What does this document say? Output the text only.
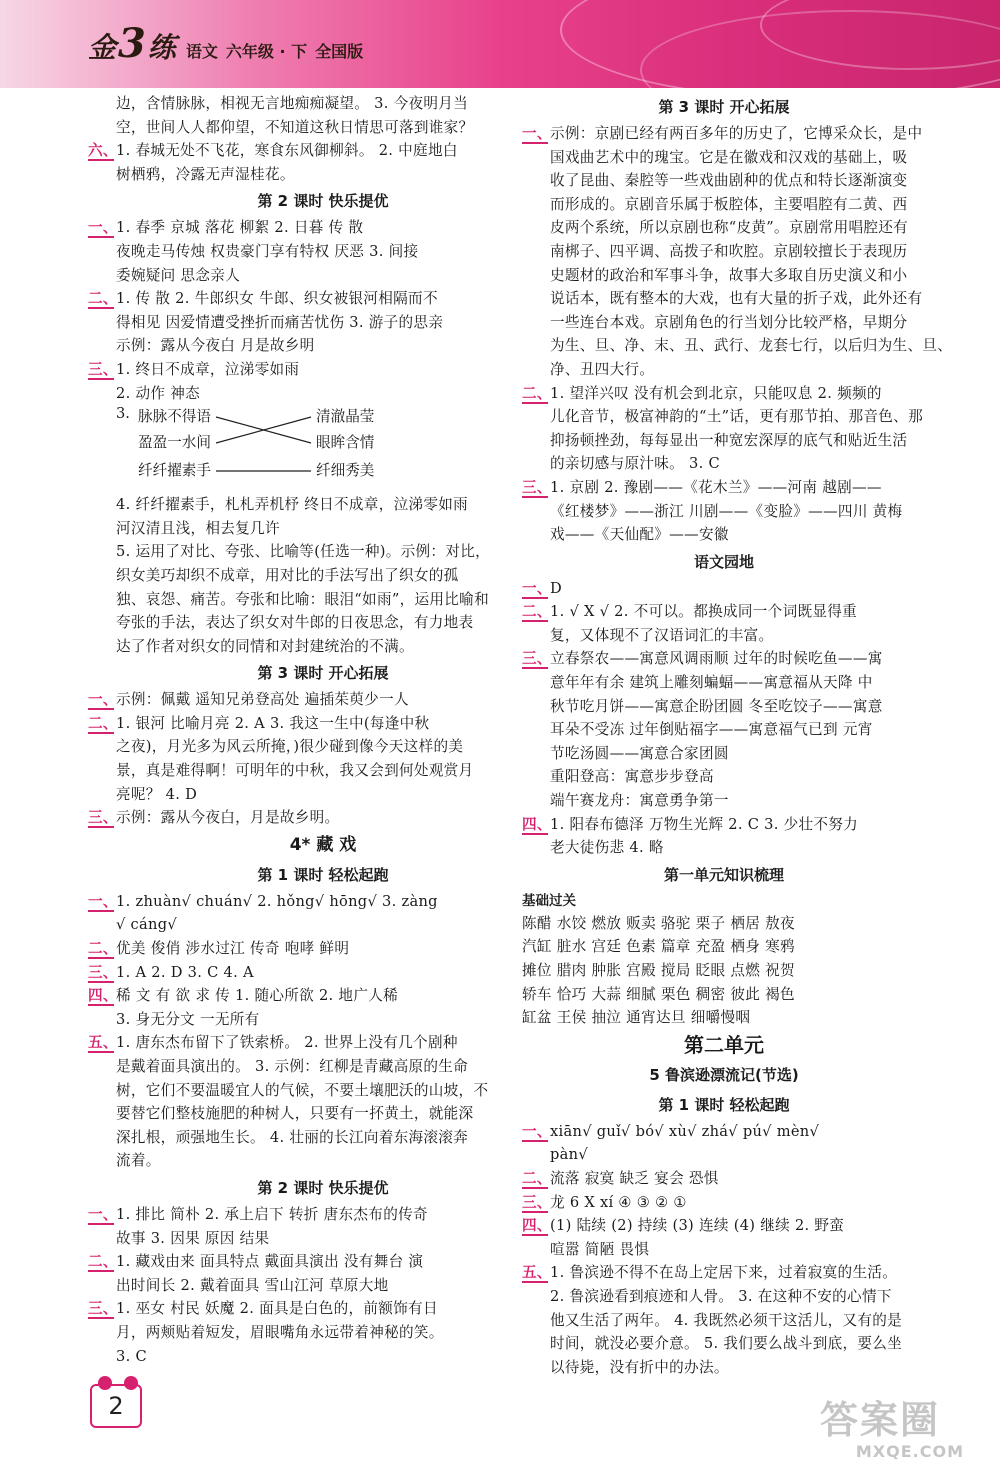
金 3 练 语文 六年级 · 下 全国版
边，含情脉脉，相视无言地痴痴凝望。 3. 今夜明月当
空，世间人人都仰望，不知道这秋日情思可落到谁家？
六、1. 春城无处不飞花，寒食东风御柳斜。 2. 中庭地白
树栖鸦，冷露无声湿桂花。
第 2 课时 快乐提优
一、1. 春季 京城 落花 柳絮 2. 日暮 传 散
夜晚走马传烛 权贵豪门享有特权 厌恶 3. 间接
委婉疑问 思念亲人
二、1. 传 散 2. 牛郎织女 牛郎、织女被银河相隔而不
得相见 因爱情遭受挫折而痛苦忧伤 3. 游子的思亲
示例：露从今夜白 月是故乡明
三、1. 终日不成章，泣涕零如雨
2. 动作 神态
3. 脉脉不得语
盈盈一水间
纤纤擢素手
清澈晶莹
眼眸含情
纤细秀美
4. 纤纤擢素手，札札弄机杼 终日不成章，泣涕零如雨
河汉清且浅，相去复几许
5. 运用了对比、夸张、比喻等(任选一种)。示例：对比，
织女美巧却织不成章，用对比的手法写出了织女的孤
独、哀怨、痛苦。夸张和比喻：眼泪“如雨”，运用比喻和
夸张的手法，表达了织女对牛郎的日夜思念，有力地表
达了作者对织女的同情和对封建统治的不满。
第 3 课时 开心拓展
一、示例：佩戴 遥知兄弟登高处 遍插茱萸少一人
二、1. 银河 比喻月亮 2. A 3. 我这一生中(每逢中秋
之夜)，月光多为风云所掩，)很少碰到像今天这样的美
景，真是难得啊！可明年的中秋，我又会到何处观赏月
亮呢？ 4. D
三、示例：露从今夜白，月是故乡明。
4* 藏 戏
第 1 课时 轻松起跑
一、1. zhuàn√ chuán√ 2. hǒng√ hōng√ 3. zàng
√ cáng√
二、优美 俊俏 涉水过江 传奇 咆哮 鲜明
三、1. A 2. D 3. C 4. A
四、稀 文 有 欲 求 传 1. 随心所欲 2. 地广人稀
3. 身无分文 一无所有
五、1. 唐东杰布留下了铁索桥。 2. 世界上没有几个剧种
是戴着面具演出的。 3. 示例：红柳是青藏高原的生命
树，它们不要温暖宜人的气候，不要土壤肥沃的山坡，不
要替它们整枝施肥的种树人，只要有一抔黄土，就能深
深扎根，顽强地生长。 4. 壮丽的长江向着东海滚滚奔
流着。
第 2 课时 快乐提优
一、1. 排比 简朴 2. 承上启下 转折 唐东杰布的传奇
故事 3. 因果 原因 结果
二、1. 藏戏由来 面具特点 戴面具演出 没有舞台 演
出时间长 2. 戴着面具 雪山江河 草原大地
三、1. 巫女 村民 妖魔 2. 面具是白色的，前额饰有日
月，两颊贴着短发，眉眼嘴角永远带着神秘的笑。
3. C
第 3 课时 开心拓展
一、示例：京剧已经有两百多年的历史了，它博采众长，是中
国戏曲艺术中的瑰宝。它是在徽戏和汉戏的基础上，吸
收了昆曲、秦腔等一些戏曲剧种的优点和特长逐渐演变
而形成的。京剧音乐属于板腔体，主要唱腔有二黄、西
皮两个系统，所以京剧也称“皮黄”。京剧常用唱腔还有
南梆子、四平调、高拨子和吹腔。京剧较擅长于表现历
史题材的政治和军事斗争，故事大多取自历史演义和小
说话本，既有整本的大戏，也有大量的折子戏，此外还有
一些连台本戏。京剧角色的行当划分比较严格，早期分
为生、旦、净、末、丑、武行、龙套七行，以后归为生、旦、
净、丑四大行。
二、1. 望洋兴叹 没有机会到北京，只能叹息 2. 频频的
儿化音节，极富神韵的“土”话，更有那节拍、那音色、那
抑扬顿挫劲，每每显出一种宽宏深厚的底气和贴近生活
的亲切感与原汁味。 3. C
三、1. 京剧 2. 豫剧——《花木兰》——河南 越剧——
《红楼梦》——浙江 川剧——《变脸》——四川 黄梅
戏——《天仙配》——安徽
语文园地
一、D
二、1. √ X √ 2. 不可以。都换成同一个词既显得重
复，又体现不了汉语词汇的丰富。
三、立春祭农——寓意风调雨顺 过年的时候吃鱼——寓
意年年有余 建筑上雕刻蝙蝠——寓意福从天降 中
秋节吃月饼——寓意企盼团圆 冬至吃饺子——寓意
耳朵不受冻 过年倒贴福字——寓意福气已到 元宵
节吃汤圆——寓意合家团圆
重阳登高：寓意步步登高
端午赛龙舟：寓意勇争第一
四、1. 阳春布德泽 万物生光辉 2. C 3. 少壮不努力
老大徒伤悲 4. 略
第一单元知识梳理
基础过关
陈醋 水饺 燃放 贩卖 骆驼 栗子 栖居 敖夜
汽缸 脏水 宫廷 色素 篇章 充盈 栖身 寒鸦
摊位 腊肉 肿胀 宫殿 搅局 眨眼 点燃 祝贺
轿车 恰巧 大蒜 细腻 栗色 稠密 彼此 褐色
缸盆 王侯 抽泣 通宵达旦 细嚼慢咽
第二单元
5 鲁滨逊漂流记(节选)
第 1 课时 轻松起跑
一、xiān√ guǐ√ bó√ xù√ zhá√ pú√ mèn√
pàn√
二、流落 寂寞 缺乏 宴会 恐惧
三、龙 6 X xí ④ ③ ② ①
四、(1) 陆续 (2) 持续 (3) 连续 (4) 继续 2. 野蛮
喧嚣 简陋 畏惧
五、1. 鲁滨逊不得不在岛上定居下来，过着寂寞的生活。
2. 鲁滨逊看到痕迹和人骨。 3. 在这种不安的心情下
他又生活了两年。 4. 我既然必须干这活儿，又有的是
时间，就没必要介意。 5. 我们要么战斗到底，要么坐
以待毙，没有折中的办法。
2	答案圈
MXQE.COM
